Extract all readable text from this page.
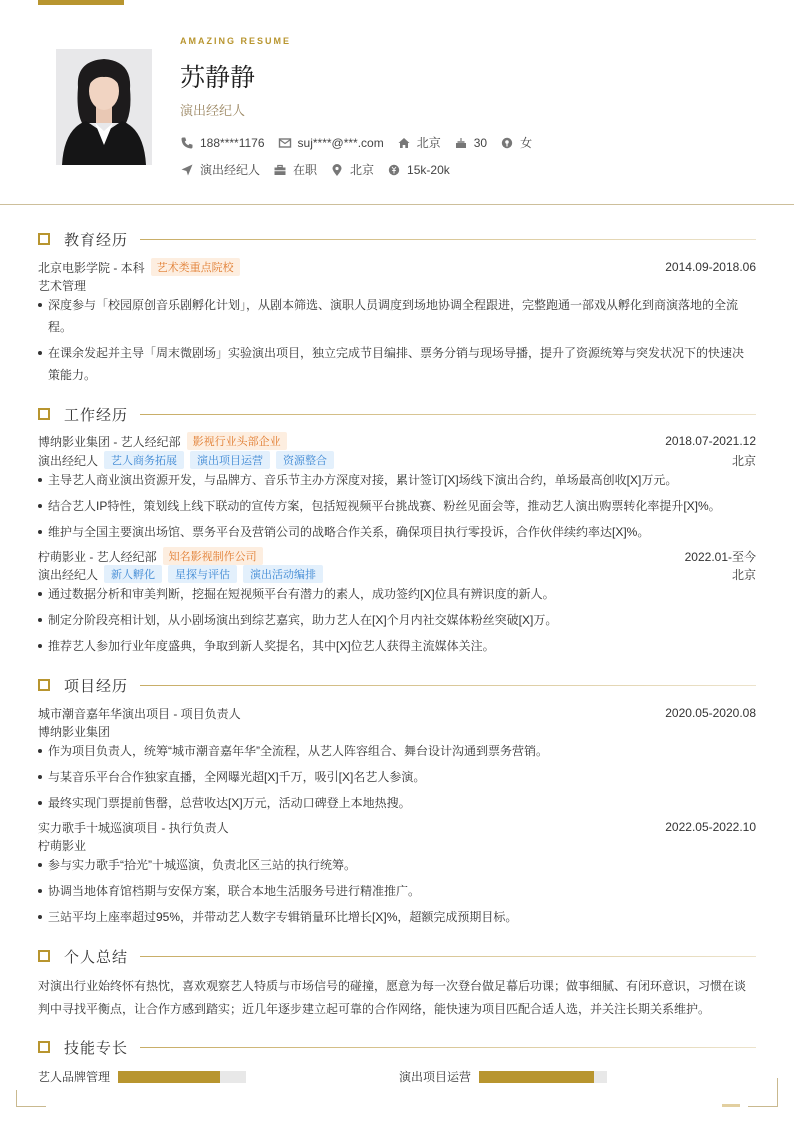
AMAZING RESUME
苏静静
演出经纪人
188****1176	suj****@***.com	北京	30	女
演出经纪人	在职	北京	15k-20k
教育经历
北京电影学院 - 本科	艺术类重点院校	2014.09-2018.06
艺术管理
深度参与「校园原创音乐剧孵化计划」，从剧本筛选、演职人员调度到场地协调全程跟进，完整跑通一部戏从孵化到商演落地的全流
程。
在课余发起并主导「周末微剧场」实验演出项目，独立完成节目编排、票务分销与现场导播，提升了资源统筹与突发状况下的快速决
策能力。
工作经历
博纳影业集团 - 艺人经纪部	影视行业头部企业	2018.07-2021.12
演出经纪人	艺人商务拓展	演出项目运营	资源整合	北京
主导艺人商业演出资源开发，与品牌方、音乐节主办方深度对接，累计签订[X]场线下演出合约，单场最高创收[X]万元。
结合艺人IP特性，策划线上线下联动的宣传方案，包括短视频平台挑战赛、粉丝见面会等，推动艺人演出购票转化率提升[X]%。
维护与全国主要演出场馆、票务平台及营销公司的战略合作关系，确保项目执行零投诉，合作伙伴续约率达[X]%。
柠萌影业 - 艺人经纪部	知名影视制作公司	2022.01-至今
演出经纪人	新人孵化	星探与评估	演出活动编排	北京
通过数据分析和审美判断，挖掘在短视频平台有潜力的素人，成功签约[X]位具有辨识度的新人。
制定分阶段亮相计划，从小剧场演出到综艺嘉宾，助力艺人在[X]个月内社交媒体粉丝突破[X]万。
推荐艺人参加行业年度盛典，争取到新人奖提名，其中[X]位艺人获得主流媒体关注。
项目经历
城市潮音嘉年华演出项目 - 项目负责人	2020.05-2020.08
博纳影业集团
作为项目负责人，统筹“城市潮音嘉年华”全流程，从艺人阵容组合、舞台设计沟通到票务营销。
与某音乐平台合作独家直播，全网曝光超[X]千万，吸引[X]名艺人参演。
最终实现门票提前售罄，总营收达[X]万元，活动口碑登上本地热搜。
实力歌手十城巡演项目 - 执行负责人	2022.05-2022.10
柠萌影业
参与实力歌手“拾光”十城巡演，负责北区三站的执行统筹。
协调当地体育馆档期与安保方案，联合本地生活服务号进行精准推广。
三站平均上座率超过95%，并带动艺人数字专辑销量环比增长[X]%，超额完成预期目标。
个人总结
对演出行业始终怀有热忱，喜欢观察艺人特质与市场信号的碰撞，愿意为每一次登台做足幕后功课；做事细腻、有闭环意识，习惯在谈判中寻找平衡点，让合作方感到踏实；近几年逐步建立起可靠的合作网络，能快速为项目匹配合适人选，并关注长期关系维护。
技能专长
艺人品牌管理	演出项目运营
